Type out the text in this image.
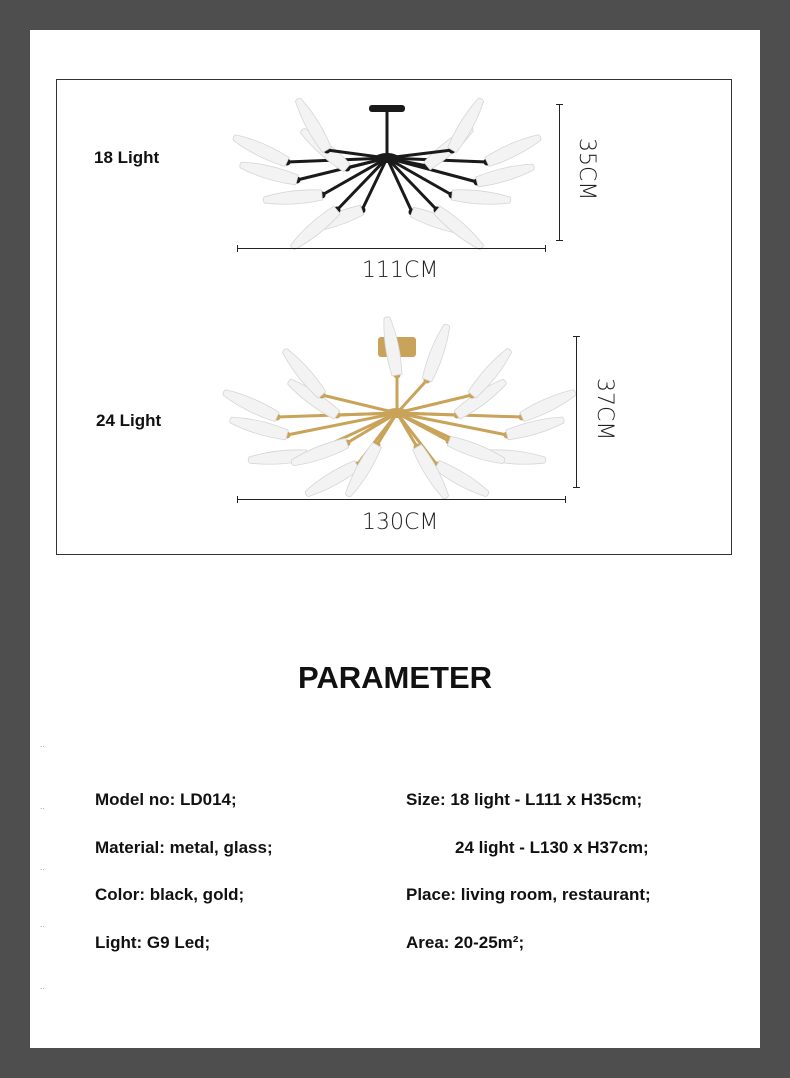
18 Light
111CM
35CM
24 Light
130CM
37CM
PARAMETER
..
..
..
..
..
Model no: LD014;
Material: metal, glass;
Color: black, gold;
Light: G9 Led;
Size: 18 light - L111 x H35cm;
24 light - L130 x H37cm;
Place: living room, restaurant;
Area: 20-25m²;
